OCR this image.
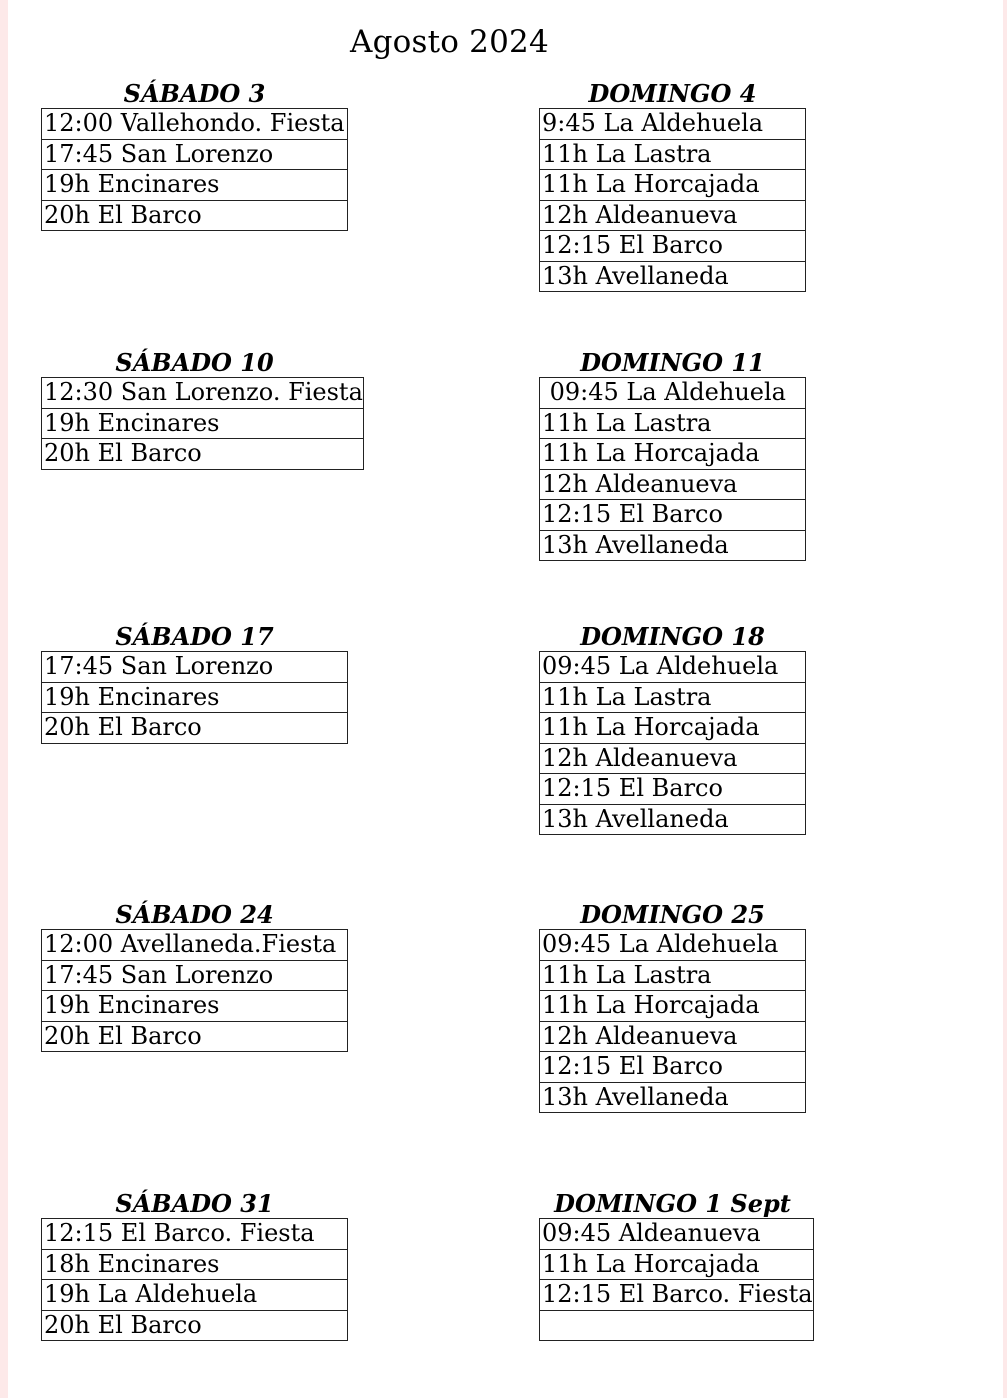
Agosto 2024
SÁBADO 3
12:00 Vallehondo. Fiesta
17:45 San Lorenzo
19h Encinares
20h El Barco
DOMINGO 4
9:45 La Aldehuela
11h La Lastra
11h La Horcajada
12h Aldeanueva
12:15 El Barco
13h Avellaneda
SÁBADO 10
12:30 San Lorenzo. Fiesta
19h Encinares
20h El Barco
DOMINGO 11
09:45 La Aldehuela
11h La Lastra
11h La Horcajada
12h Aldeanueva
12:15 El Barco
13h Avellaneda
SÁBADO 17
17:45 San Lorenzo
19h Encinares
20h El Barco
DOMINGO 18
09:45 La Aldehuela
11h La Lastra
11h La Horcajada
12h Aldeanueva
12:15 El Barco
13h Avellaneda
SÁBADO 24
12:00 Avellaneda.Fiesta
17:45 San Lorenzo
19h Encinares
20h El Barco
DOMINGO 25
09:45 La Aldehuela
11h La Lastra
11h La Horcajada
12h Aldeanueva
12:15 El Barco
13h Avellaneda
SÁBADO 31
12:15 El Barco. Fiesta
18h Encinares
19h La Aldehuela
20h El Barco
DOMINGO 1 Sept
09:45 Aldeanueva
11h La Horcajada
12:15 El Barco. Fiesta
